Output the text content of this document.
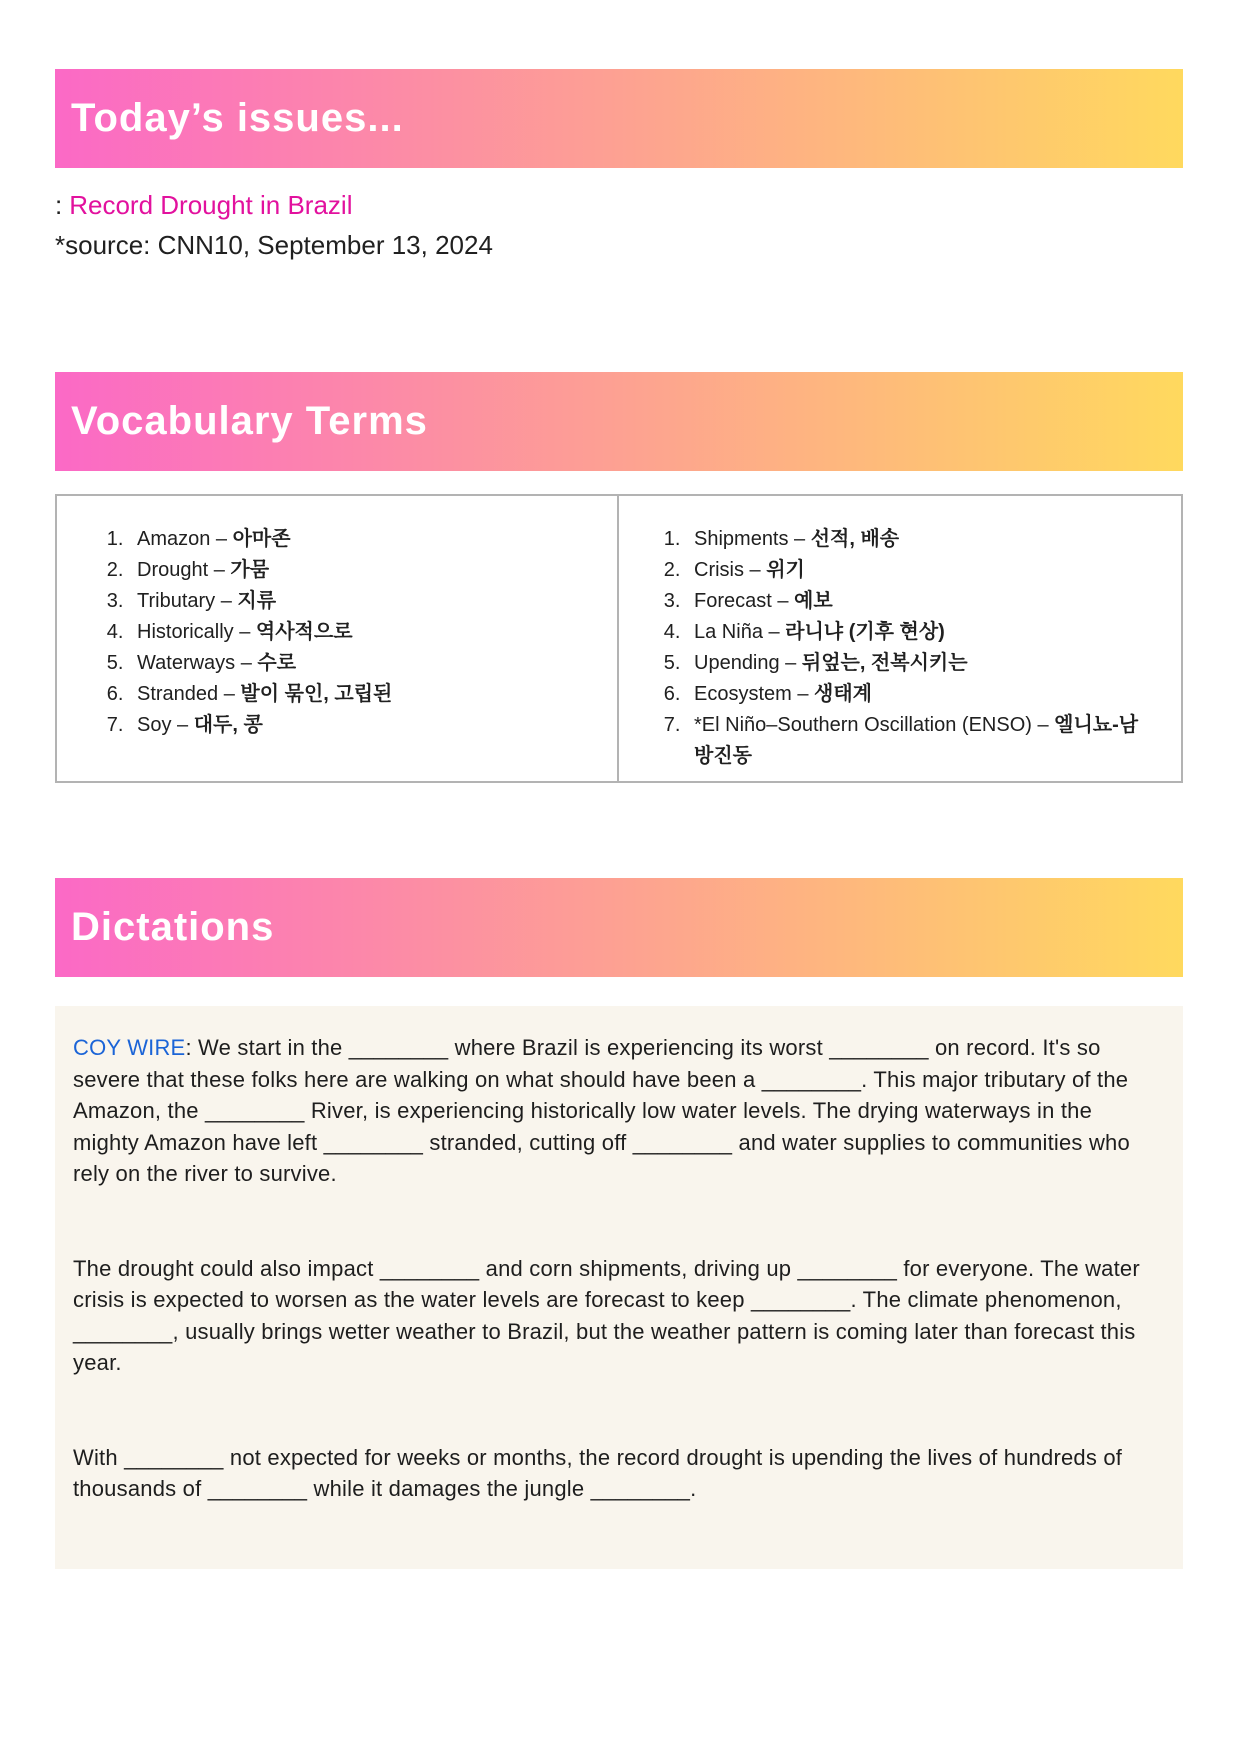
Today’s issues...
: Record Drought in Brazil
*source: CNN10, September 13, 2024
Vocabulary Terms
1. Amazon – 아마존
2. Drought – 가뭄
3. Tributary – 지류
4. Historically – 역사적으로
5. Waterways – 수로
6. Stranded – 발이 묶인, 고립된
7. Soy – 대두, 콩
1. Shipments – 선적, 배송
2. Crisis – 위기
3. Forecast – 예보
4. La Niña – 라니냐 (기후 현상)
5. Upending – 뒤엎는, 전복시키는
6. Ecosystem – 생태계
7. *El Niño–Southern Oscillation (ENSO) – 엘니뇨-남방진동
Dictations

COY WIRE: We start in the ________ where Brazil is experiencing its worst ________ on record. It's so severe that these folks here are walking on what should have been a ________. This major tributary of the Amazon, the ________ River, is experiencing historically low water levels. The drying waterways in the mighty Amazon have left ________ stranded, cutting off ________ and water supplies to communities who rely on the river to survive.

The drought could also impact ________ and corn shipments, driving up ________ for everyone. The water crisis is expected to worsen as the water levels are forecast to keep ________. The climate phenomenon, ________, usually brings wetter weather to Brazil, but the weather pattern is coming later than forecast this year.

With ________ not expected for weeks or months, the record drought is upending the lives of hundreds of thousands of ________ while it damages the jungle ________.
